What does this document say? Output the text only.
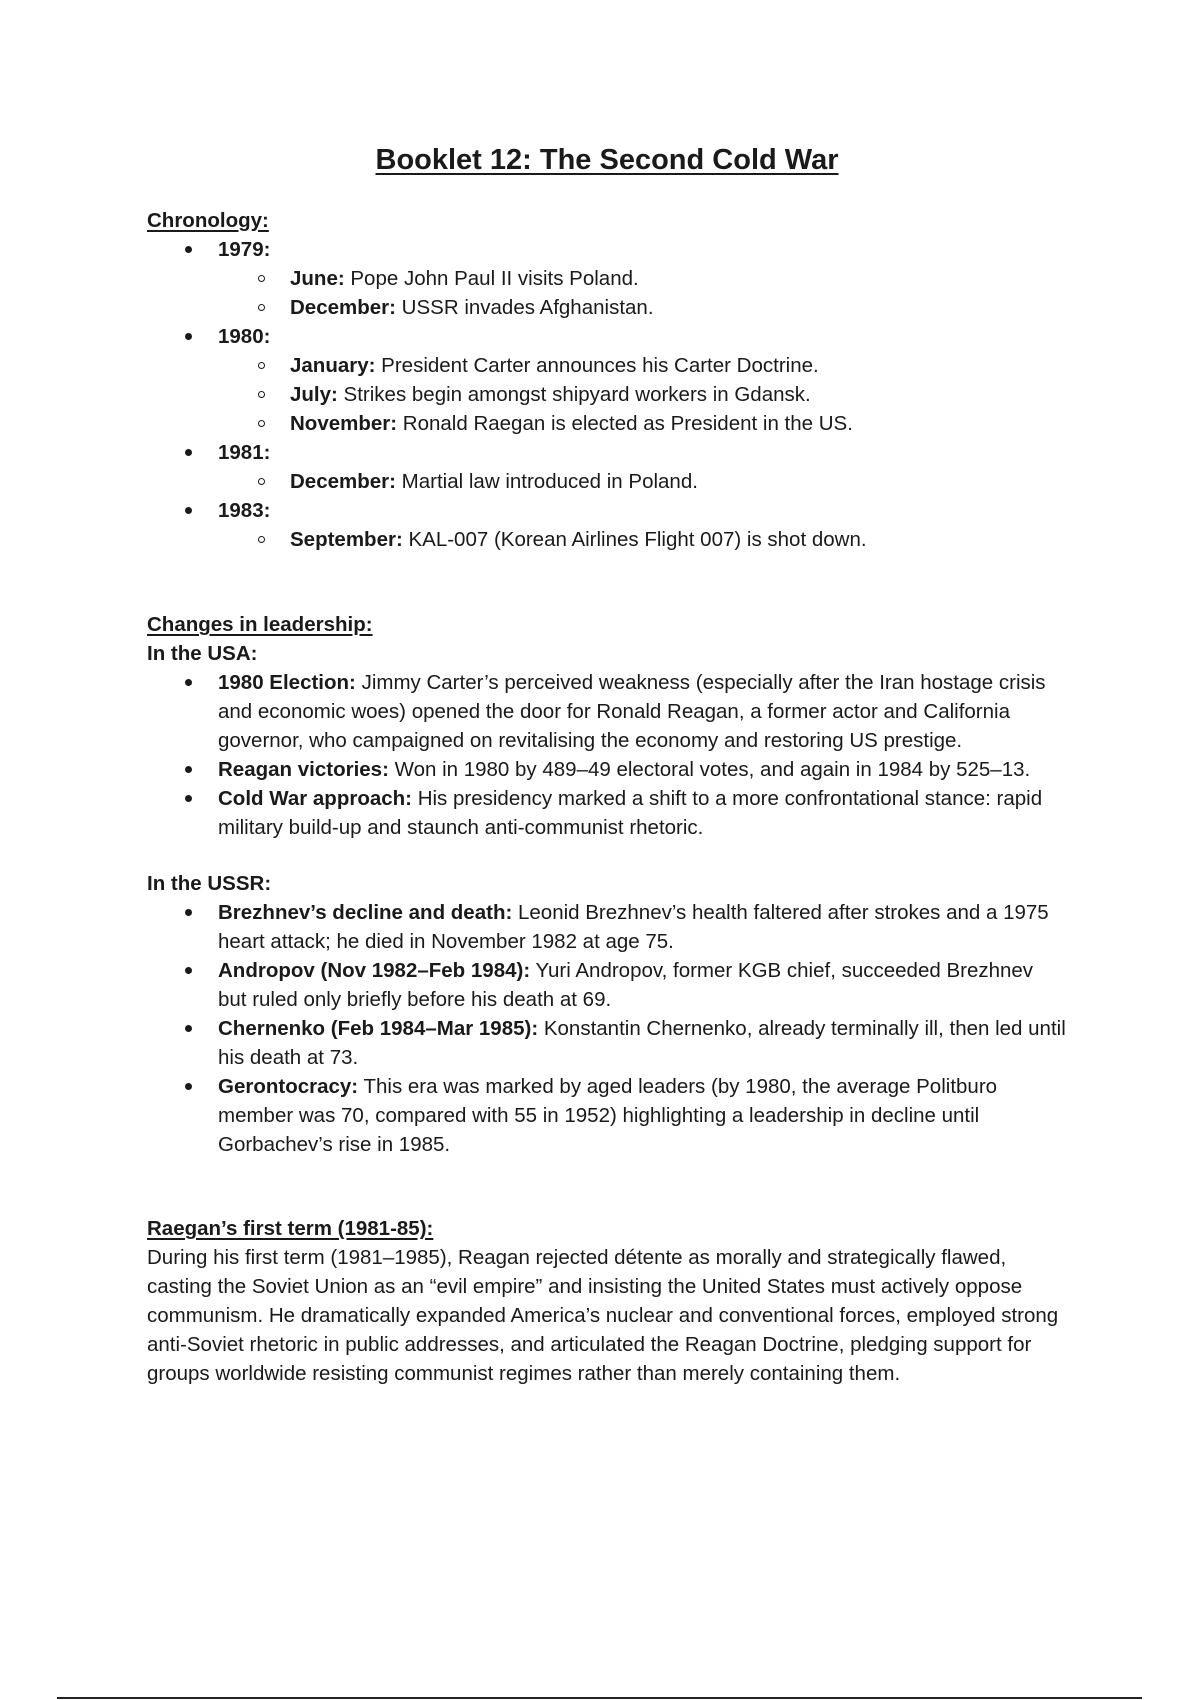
Booklet 12: The Second Cold War
Chronology:
1979:
June: Pope John Paul II visits Poland.
December: USSR invades Afghanistan.
1980:
January: President Carter announces his Carter Doctrine.
July: Strikes begin amongst shipyard workers in Gdansk.
November: Ronald Raegan is elected as President in the US.
1981:
December: Martial law introduced in Poland.
1983:
September: KAL-007 (Korean Airlines Flight 007) is shot down.
Changes in leadership:
In the USA:
1980 Election: Jimmy Carter’s perceived weakness (especially after the Iran hostage crisis and economic woes) opened the door for Ronald Reagan, a former actor and California governor, who campaigned on revitalising the economy and restoring US prestige.
Reagan victories: Won in 1980 by 489–49 electoral votes, and again in 1984 by 525–13.
Cold War approach: His presidency marked a shift to a more confrontational stance: rapid military build-up and staunch anti-communist rhetoric.
In the USSR:
Brezhnev’s decline and death: Leonid Brezhnev’s health faltered after strokes and a 1975 heart attack; he died in November 1982 at age 75.
Andropov (Nov 1982–Feb 1984): Yuri Andropov, former KGB chief, succeeded Brezhnev but ruled only briefly before his death at 69.
Chernenko (Feb 1984–Mar 1985): Konstantin Chernenko, already terminally ill, then led until his death at 73.
Gerontocracy: This era was marked by aged leaders (by 1980, the average Politburo member was 70, compared with 55 in 1952) highlighting a leadership in decline until Gorbachev’s rise in 1985.
Raegan’s first term (1981-85):

During his first term (1981–1985), Reagan rejected détente as morally and strategically flawed, casting the Soviet Union as an “evil empire” and insisting the United States must actively oppose communism. He dramatically expanded America’s nuclear and conventional forces, employed strong anti-Soviet rhetoric in public addresses, and articulated the Reagan Doctrine, pledging support for groups worldwide resisting communist regimes rather than merely containing them.
